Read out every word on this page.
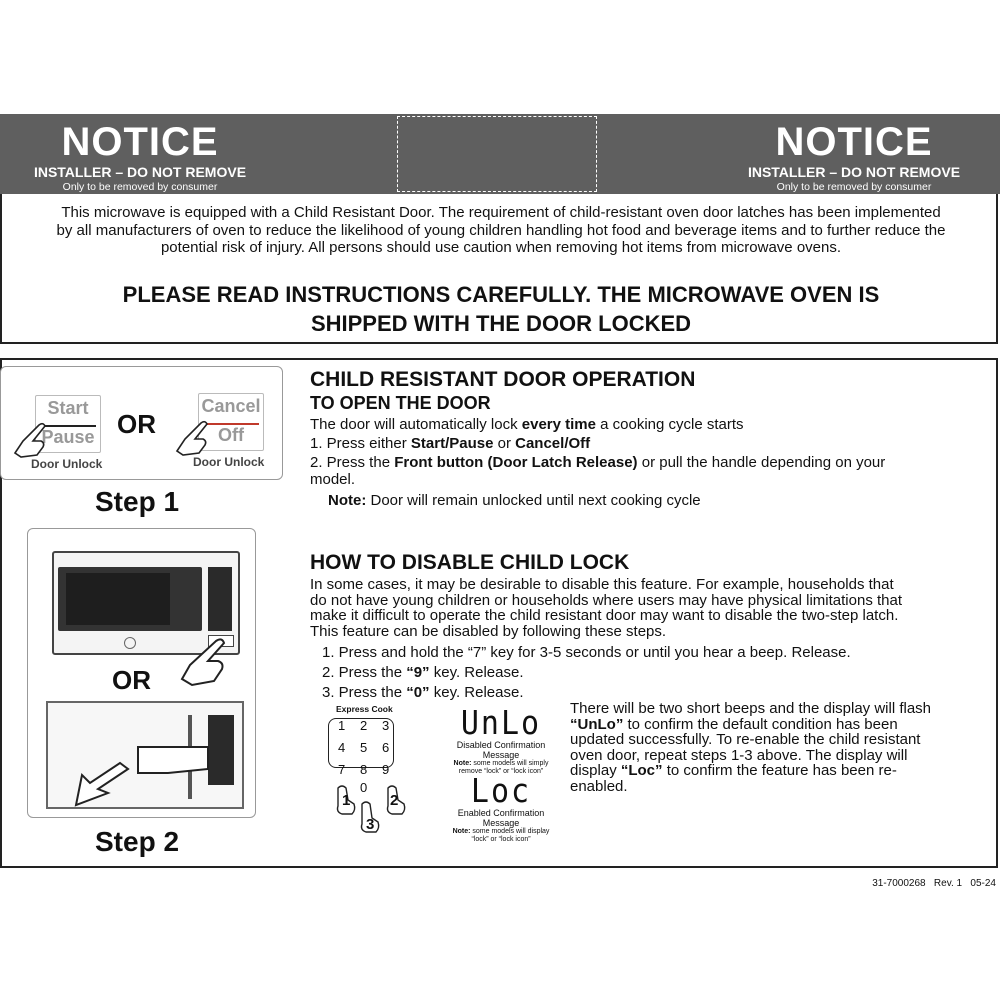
NOTICE
INSTALLER – DO NOT REMOVE
Only to be removed by consumer
NOTICE
INSTALLER – DO NOT REMOVE
Only to be removed by consumer
This microwave is equipped with a Child Resistant Door. The requirement of child-resistant oven door latches has been implemented
by all manufacturers of oven to reduce the likelihood of young children handling hot food and beverage items and to further reduce the
potential risk of injury. All persons should use caution when removing hot items from microwave ovens.
PLEASE READ INSTRUCTIONS CAREFULLY. THE MICROWAVE OVEN IS
SHIPPED WITH THE DOOR LOCKED
Start
Pause OR
Cancel
Off
Door Unlock	Door Unlock
Step 1
OR
Step 2
CHILD RESISTANT DOOR OPERATION
TO OPEN THE DOOR
The door will automatically lock every time a cooking cycle starts
1. Press either Start/Pause or Cancel/Off
2. Press the Front button (Door Latch Release) or pull the handle depending on your
model.
Note: Door will remain unlocked until next cooking cycle
HOW TO DISABLE CHILD LOCK
In some cases, it may be desirable to disable this feature. For example, households that
do not have young children or households where users may have physical limitations that
make it difficult to operate the child resistant door may want to disable the two-step latch.
This feature can be disabled by following these steps.
1. Press and hold the “7” key for 3-5 seconds or until you hear a beep. Release.
2. Press the “9” key. Release.
3. Press the “0” key. Release.
Express Cook
1 2 3
4 5 6
7 8 9
0
1	2
3
UnLo
Disabled Confirmation
Message
Note: some models will simply
remove “lock” or “lock icon”
Loc
Enabled Confirmation
Message
Note: some models will display
“lock” or “lock icon”
There will be two short beeps and the display will flash
“UnLo” to confirm the default condition has been
updated successfully. To re-enable the child resistant
oven door, repeat steps 1-3 above. The display will
display “Loc” to confirm the feature has been re-
enabled.
31-7000268   Rev. 1   05-24
